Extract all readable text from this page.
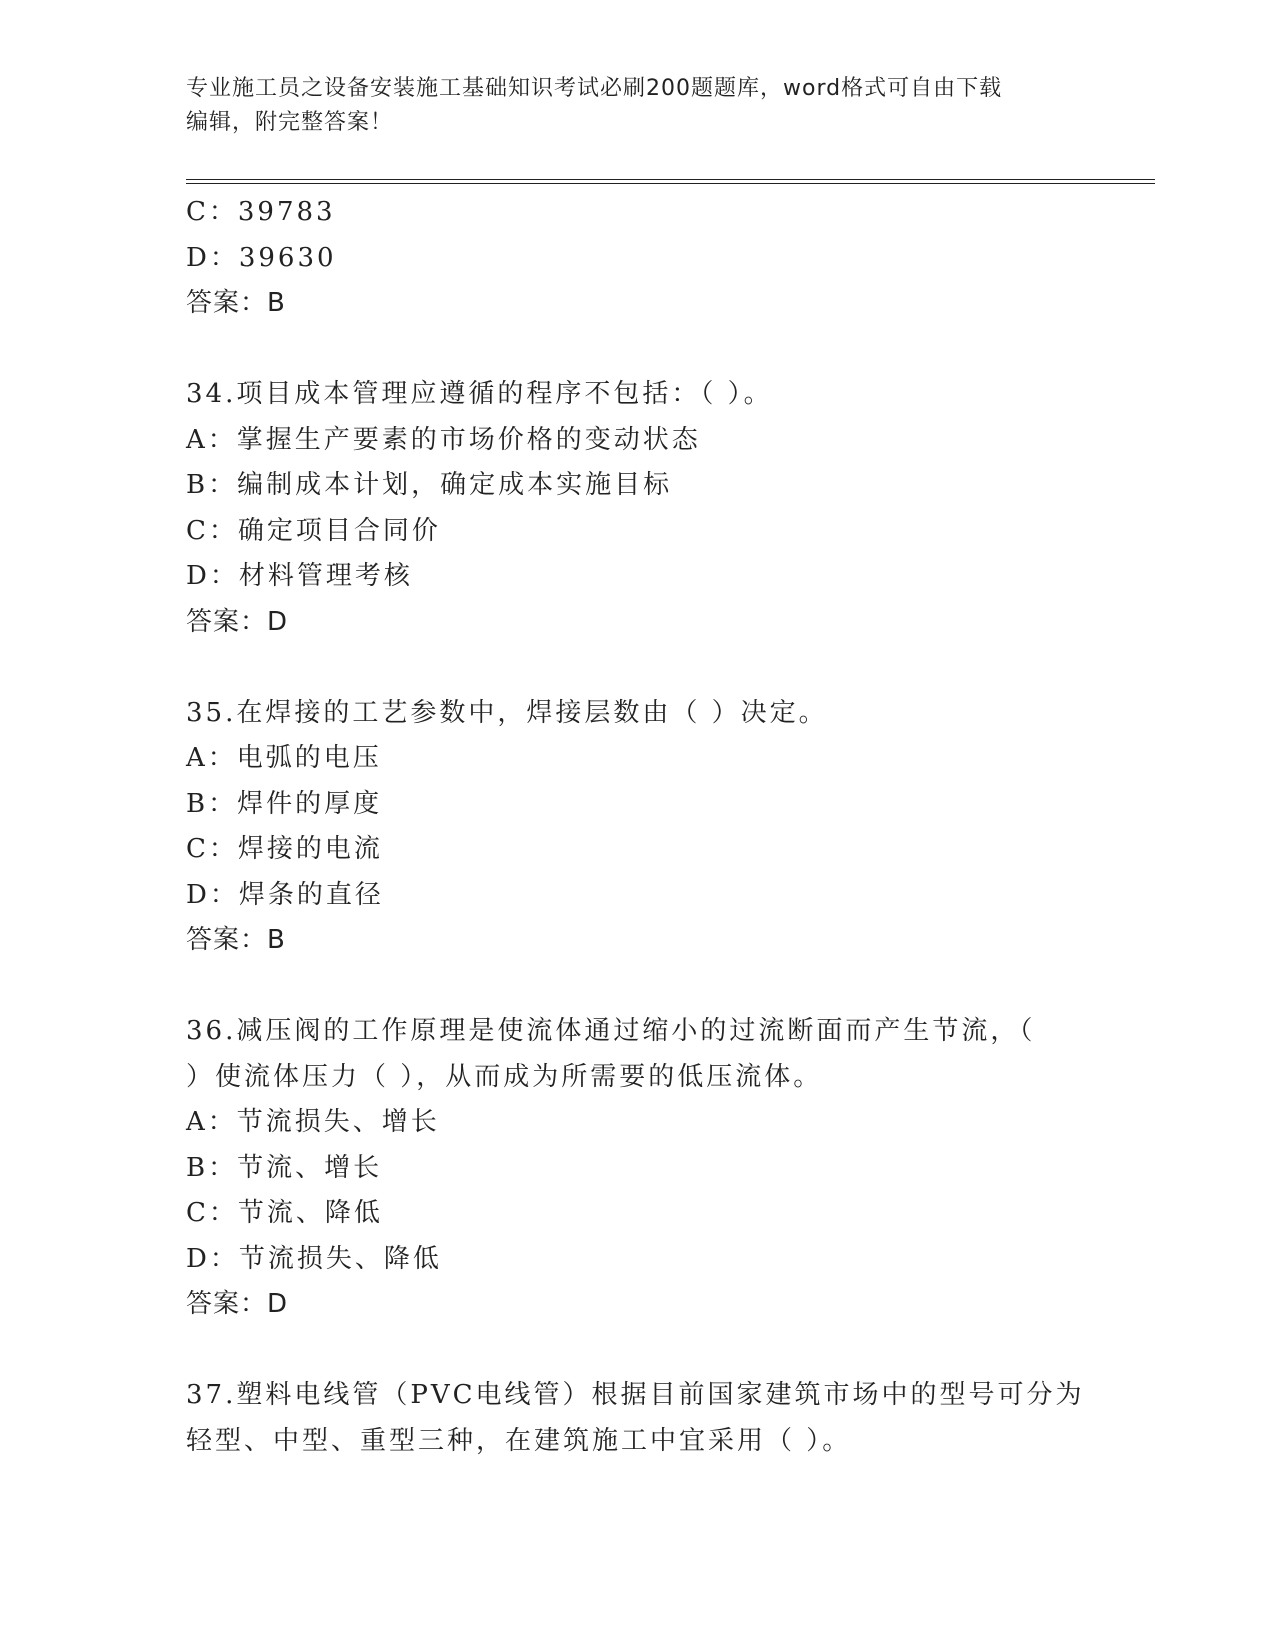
专业施工员之设备安装施工基础知识考试必刷200题题库，word格式可自由下载
编辑，附完整答案！
C：39783
D：39630
答案：B
34.项目成本管理应遵循的程序不包括：（ ）。
A：掌握生产要素的市场价格的变动状态
B：编制成本计划，确定成本实施目标
C：确定项目合同价
D：材料管理考核
答案：D
35.在焊接的工艺参数中，焊接层数由（ ）决定。
A：电弧的电压
B：焊件的厚度
C：焊接的电流
D：焊条的直径
答案：B
36.减压阀的工作原理是使流体通过缩小的过流断面而产生节流，（
）使流体压力（ ），从而成为所需要的低压流体。
A：节流损失、增长
B：节流、增长
C：节流、降低
D：节流损失、降低
答案：D
37.塑料电线管（PVC电线管）根据目前国家建筑市场中的型号可分为
轻型、中型、重型三种，在建筑施工中宜采用（ ）。
